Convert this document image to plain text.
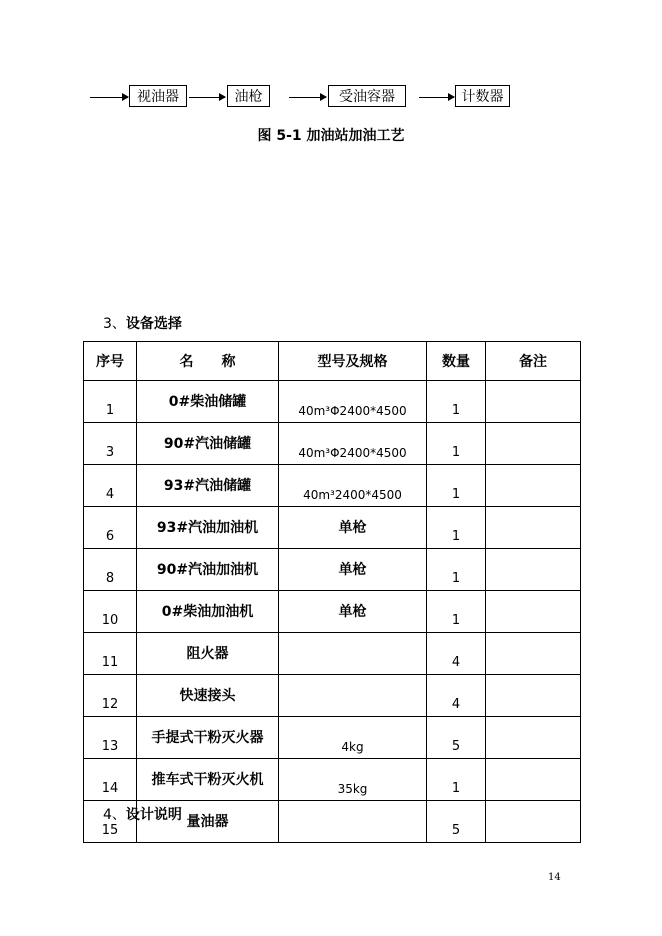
视油器	油枪	受油容器	计数器
图 5-1 加油站加油工艺
3、设备选择
序号	名　　称	型号及规格	数量	备注
1	0#柴油储罐	40m³Φ2400*4500	1	
3	90#汽油储罐	40m³Φ2400*4500	1	
4	93#汽油储罐	40m³2400*4500	1	
6	93#汽油加油机	单枪	1	
8	90#汽油加油机	单枪	1	
10	0#柴油加油机	单枪	1	
11	阻火器		4	
12	快速接头		4	
13	手提式干粉灭火器	4kg	5	
14	推车式干粉灭火机	35kg	1	
15	量油器		5	
4、设计说明
14
